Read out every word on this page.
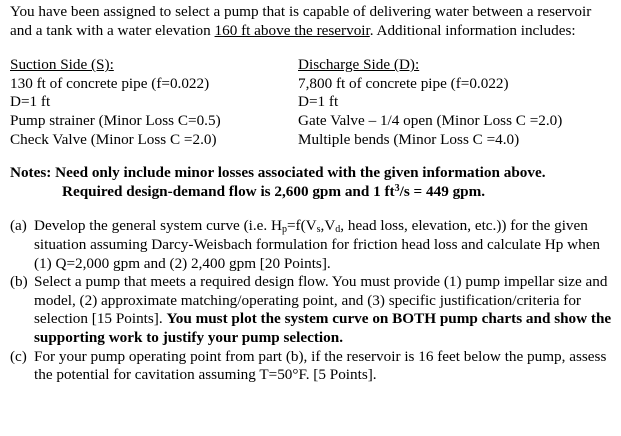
You have been assigned to select a pump that is capable of delivering water between a reservoir and a tank with a water elevation 160 ft above the reservoir. Additional information includes:

Suction Side (S):

130 ft of concrete pipe (f=0.022)

D=1 ft

Pump strainer (Minor Loss C=0.5)

Check Valve (Minor Loss C =2.0)

Discharge Side (D):

7,800 ft of concrete pipe (f=0.022)

D=1 ft

Gate Valve – 1/4 open (Minor Loss C =2.0)

Multiple bends (Minor Loss C =4.0)

Notes: Need only include minor losses associated with the given information above.

Required design-demand flow is 2,600 gpm and 1 $ft^3/s = 449$ gpm.

(a) Develop the general system curve (i.e. $H_p=f(V_s,V_d$, head loss, elevation, etc.)) for the given situation assuming Darcy-Weisbach formulation for friction head loss and calculate Hp when (1) Q=2,000 gpm and (2) 2,400 gpm [20 Points].
(b) Select a pump that meets a required design flow. You must provide (1) pump impellar size and model, (2) approximate matching/operating point, and (3) specific justification/criteria for selection [15 Points]. You must plot the system curve on BOTH pump charts and show the supporting work to justify your pump selection.
(c) For your pump operating point from part (b), if the reservoir is 16 feet below the pump, assess the potential for cavitation assuming T=50°F. [5 Points].
